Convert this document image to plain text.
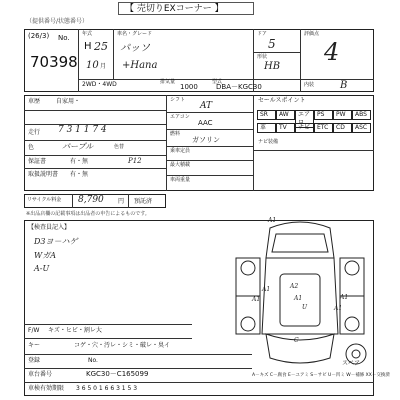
【 売切りEXコーナー 】
（提供番号/状態番号）
(26/3) No.
70398
年式
H 25
10 月
車名・グレード
パッソ
+Hana
ドア
5
形状
HB
評価点
4
2WD・4WD	排気量
1000
型式
DBA－KGC30	内装	B
車歴	自家用・
走行 7 3 1 1 7 4
色	パープル	色替
P12
保証書	有・無
取扱説明書 有・無
シフト
AT
エアコン
AAC
燃料
ガソリン
乗車定員
最大積載
車両重量
セールスポイント
SR	AW	エアロ
PS	PW	ABS
革	TV	ナビ	ETC	CD	ASC
ナビ装備
リサイクル料金 8,790 円 預託済
※出品店欄の記載事項は出品者の申告によるものです。
【検査員記入】
D3ヨ－ハゲ
WガA
A-U
F/W キズ・ヒビ・割レ大
キー	コゲ・穴・汚レ・シミ・破レ・臭イ
登録	No.
車台番号	KGC30－C165099
車検有効期限 3 6 5 0 1 6 6 3 1 5 3
A－キズ C－腐食 E－ユアミ S－サビ U－凹ミ W－補修 XX－交換済
A1
A1
A1
A2
A1
U
A1
A1
C
スペア
